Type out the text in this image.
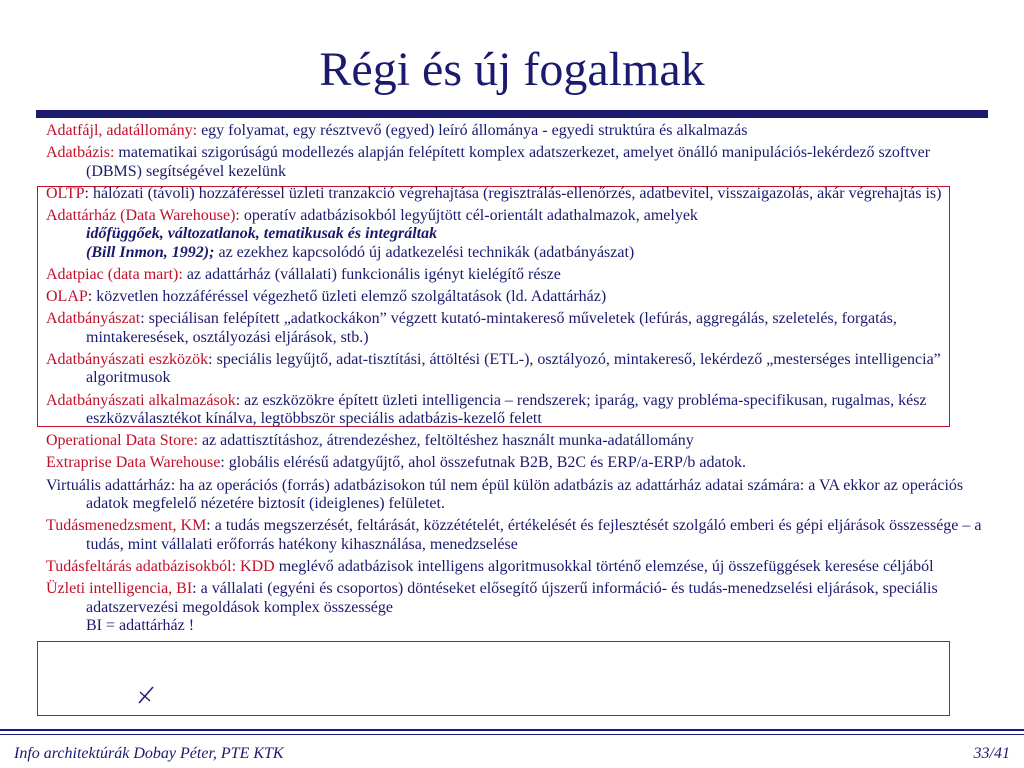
Régi és új fogalmak

Adatfájl, adatállomány: egy folyamat, egy résztvevő (egyed) leíró állománya - egyedi struktúra és alkalmazás

Adatbázis: matematikai szigorúságú modellezés alapján felépített komplex adatszerkezet, amelyet önálló manipulációs-lekérdező szoftver (DBMS) segítségével kezelünk

OLTP: hálózati (távoli) hozzáféréssel üzleti tranzakció végrehajtása (regisztrálás-ellenőrzés, adatbevitel, visszaigazolás, akár végrehajtás is)

Adattárház (Data Warehouse): operatív adatbázisokból legyűjtött cél-orientált adathalmazok, amelyek
időfüggőek, változatlanok, tematikusak és integráltak
(Bill Inmon, 1992); az ezekhez kapcsolódó új adatkezelési technikák (adatbányászat)

Adatpiac (data mart): az adattárház (vállalati) funkcionális igényt kielégítő része

OLAP: közvetlen hozzáféréssel végezhető üzleti elemző szolgáltatások (ld. Adattárház)

Adatbányászat: speciálisan felépített „adatkockákon” végzett kutató-mintakereső műveletek (lefúrás, aggregálás, szeletelés, forgatás, mintakeresések, osztályozási eljárások, stb.)

Adatbányászati eszközök: speciális legyűjtő, adat-tisztítási, áttöltési (ETL-), osztályozó, mintakereső, lekérdező „mesterséges intelligencia” algoritmusok

Adatbányászati alkalmazások: az eszközökre épített üzleti intelligencia – rendszerek; iparág, vagy probléma-specifikusan, rugalmas, kész eszközválasztékot kínálva, legtöbbször speciális adatbázis-kezelő felett

Operational Data Store: az adattisztításhoz, átrendezéshez, feltöltéshez használt munka-adatállomány

Extraprise Data Warehouse: globális elérésű adatgyűjtő, ahol összefutnak B2B, B2C és ERP/a-ERP/b adatok.

Virtuális adattárház: ha az operációs (forrás) adatbázisokon túl nem épül külön adatbázis az adattárház adatai számára: a VA ekkor az operációs adatok megfelelő nézetére biztosít (ideiglenes) felületet.

Tudásmenedzsment, KM: a tudás megszerzését, feltárását, közzétételét, értékelését és fejlesztését szolgáló emberi és gépi eljárások összessége – a tudás, mint vállalati erőforrás hatékony kihasználása, menedzselése

Tudásfeltárás adatbázisokból: KDD meglévő adatbázisok intelligens algoritmusokkal történő elemzése, új összefüggések keresése céljából

Üzleti intelligencia, BI: a vállalati (egyéni és csoportos) döntéseket elősegítő újszerű információ- és tudás-menedzselési eljárások, speciális adatszervezési megoldások komplex összessége
BI = adattárház !

Info architektúrák Dobay Péter, PTE KTK	33/41
